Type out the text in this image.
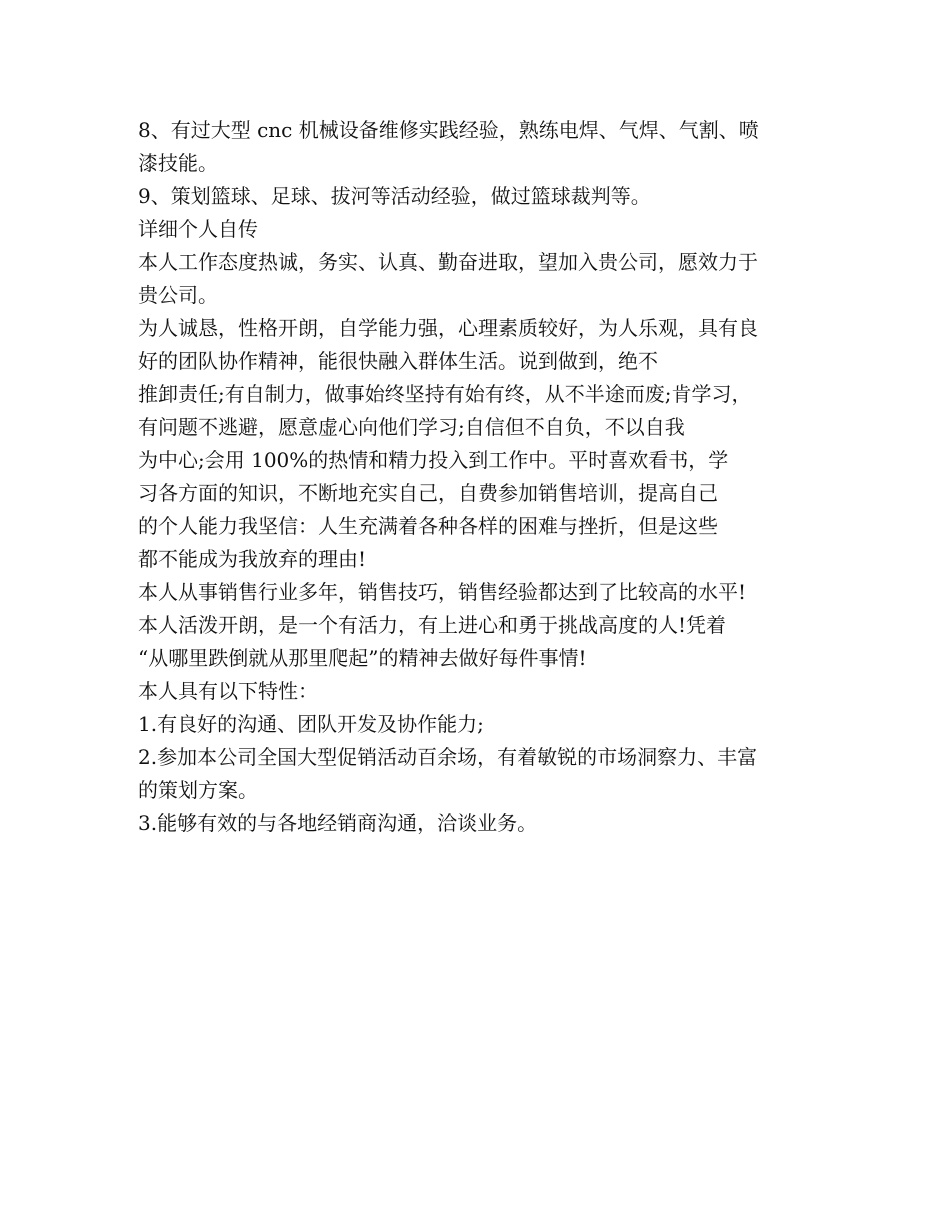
8、有过大型 cnc 机械设备维修实践经验，熟练电焊、气焊、气割、喷
漆技能。
9、策划篮球、足球、拔河等活动经验，做过篮球裁判等。
详细个人自传
本人工作态度热诚，务实、认真、勤奋进取，望加入贵公司，愿效力于
贵公司。
为人诚恳，性格开朗，自学能力强，心理素质较好，为人乐观，具有良
好的团队协作精神，能很快融入群体生活。说到做到，绝不
推卸责任;有自制力，做事始终坚持有始有终，从不半途而废;肯学习，
有问题不逃避，愿意虚心向他们学习;自信但不自负，不以自我
为中心;会用 100%的热情和精力投入到工作中。平时喜欢看书，学
习各方面的知识，不断地充实自己，自费参加销售培训，提高自己
的个人能力我坚信：人生充满着各种各样的困难与挫折，但是这些
都不能成为我放弃的理由!
本人从事销售行业多年，销售技巧，销售经验都达到了比较高的水平!
本人活泼开朗，是一个有活力，有上进心和勇于挑战高度的人!凭着
“从哪里跌倒就从那里爬起”的精神去做好每件事情!
本人具有以下特性：
1.有良好的沟通、团队开发及协作能力;
2.参加本公司全国大型促销活动百余场，有着敏锐的市场洞察力、丰富
的策划方案。
3.能够有效的与各地经销商沟通，洽谈业务。
